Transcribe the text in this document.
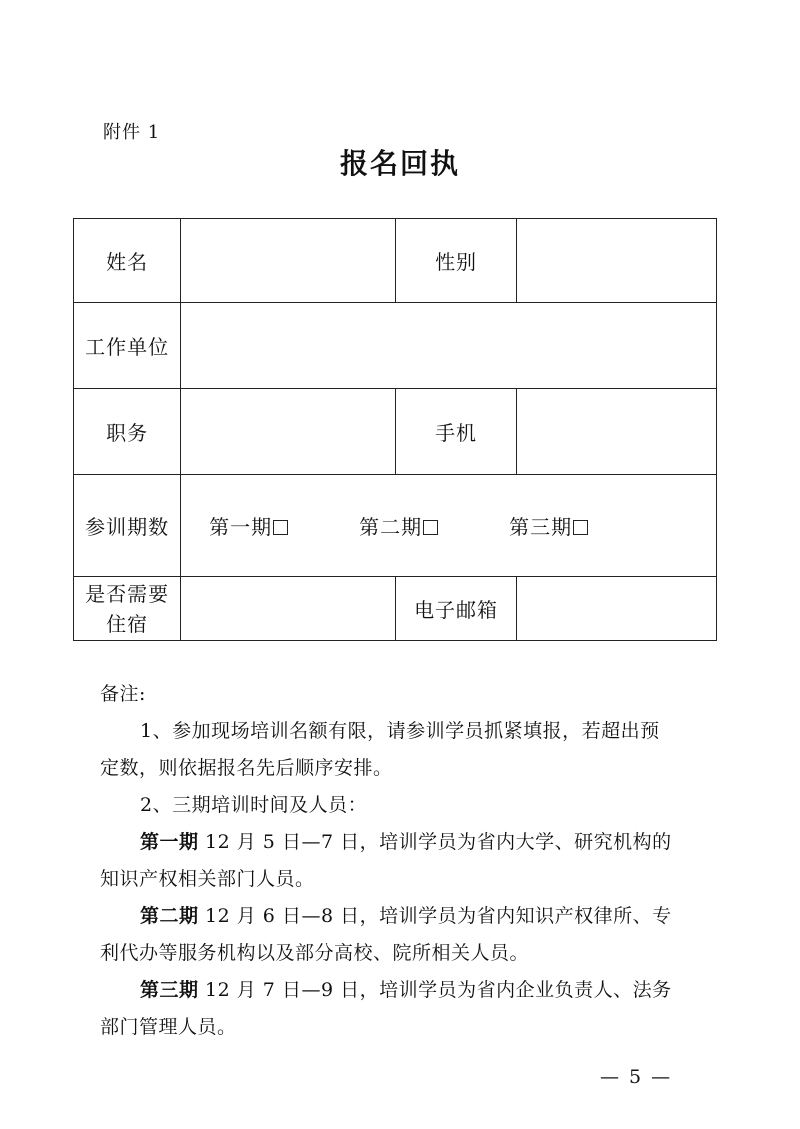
附件 1
报名回执
姓名		性别	
工作单位			
职务		手机	
参训期数	第一期 第二期 第三期		

是否需要
住宿		电子邮箱	

备注:

1、参加现场培训名额有限，请参训学员抓紧填报，若超出预

定数，则依据报名先后顺序安排。

2、三期培训时间及人员：

第一期 12 月 5 日—7 日，培训学员为省内大学、研究机构的

知识产权相关部门人员。

第二期 12 月 6 日—8 日，培训学员为省内知识产权律所、专

利代办等服务机构以及部分高校、院所相关人员。

第三期 12 月 7 日—9 日，培训学员为省内企业负责人、法务

部门管理人员。

— 5 —
